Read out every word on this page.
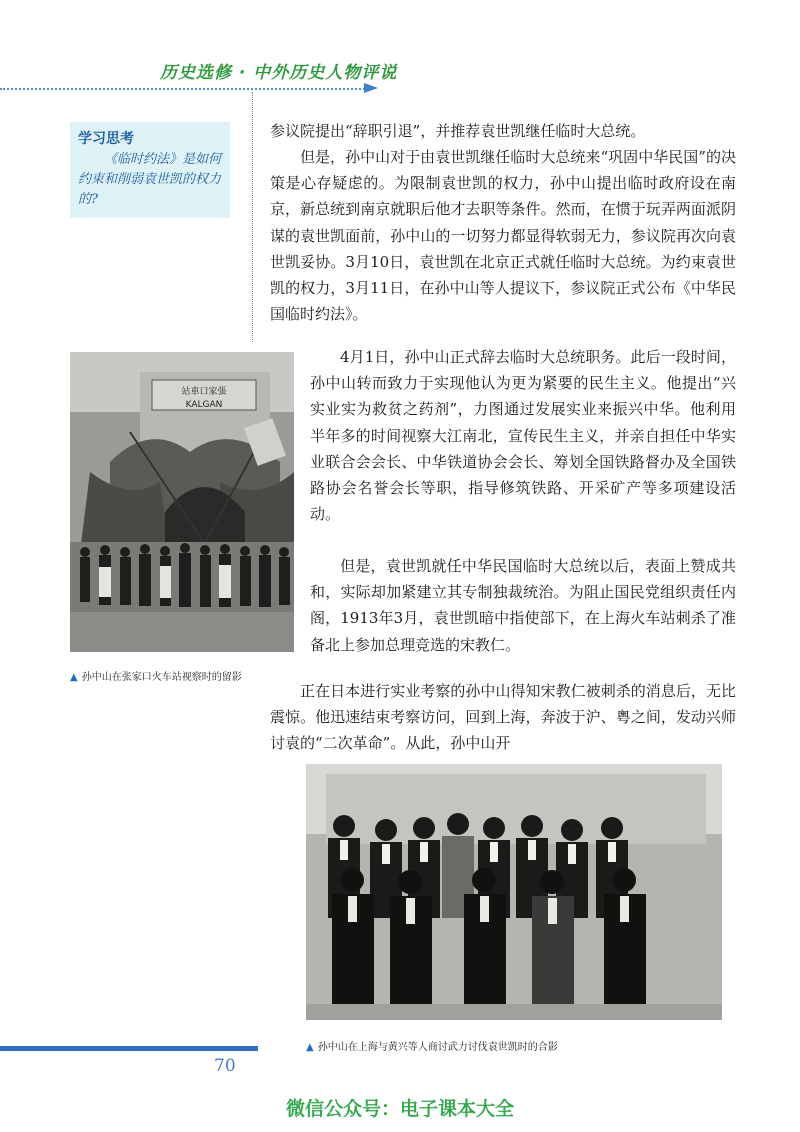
历史选修 · 中外历史人物评说
学习思考
《临时约法》是如何约束和削弱袁世凯的权力的?

参议院提出“辞职引退”，并推荐袁世凯继任临时大总统。

但是，孙中山对于由袁世凯继任临时大总统来“巩固中华民国”的决策是心存疑虑的。为限制袁世凯的权力，孙中山提出临时政府设在南京，新总统到南京就职后他才去职等条件。然而，在惯于玩弄两面派阴谋的袁世凯面前，孙中山的一切努力都显得软弱无力，参议院再次向袁世凯妥协。3月10日，袁世凯在北京正式就任临时大总统。为约束袁世凯的权力，3月11日，在孙中山等人提议下，参议院正式公布《中华民国临时约法》。

站車口家張
KALGAN
▲ 孙中山在张家口火车站视察时的留影

4月1日，孙中山正式辞去临时大总统职务。此后一段时间，孙中山转而致力于实现他认为更为紧要的民生主义。他提出“兴实业实为救贫之药剂”，力图通过发展实业来振兴中华。他利用半年多的时间视察大江南北，宣传民生主义，并亲自担任中华实业联合会会长、中华铁道协会会长、筹划全国铁路督办及全国铁路协会名誉会长等职，指导修筑铁路、开采矿产等多项建设活动。

但是，袁世凯就任中华民国临时大总统以后，表面上赞成共和，实际却加紧建立其专制独裁统治。为阻止国民党组织责任内阁，1913年3月，袁世凯暗中指使部下，在上海火车站刺杀了准备北上参加总理竞选的宋教仁。

正在日本进行实业考察的孙中山得知宋教仁被刺杀的消息后，无比震惊。他迅速结束考察访问，回到上海，奔波于沪、粤之间，发动兴师讨袁的“二次革命”。从此，孙中山开

▲ 孙中山在上海与黄兴等人商讨武力讨伐袁世凯时的合影
70
微信公众号：电子课本大全
